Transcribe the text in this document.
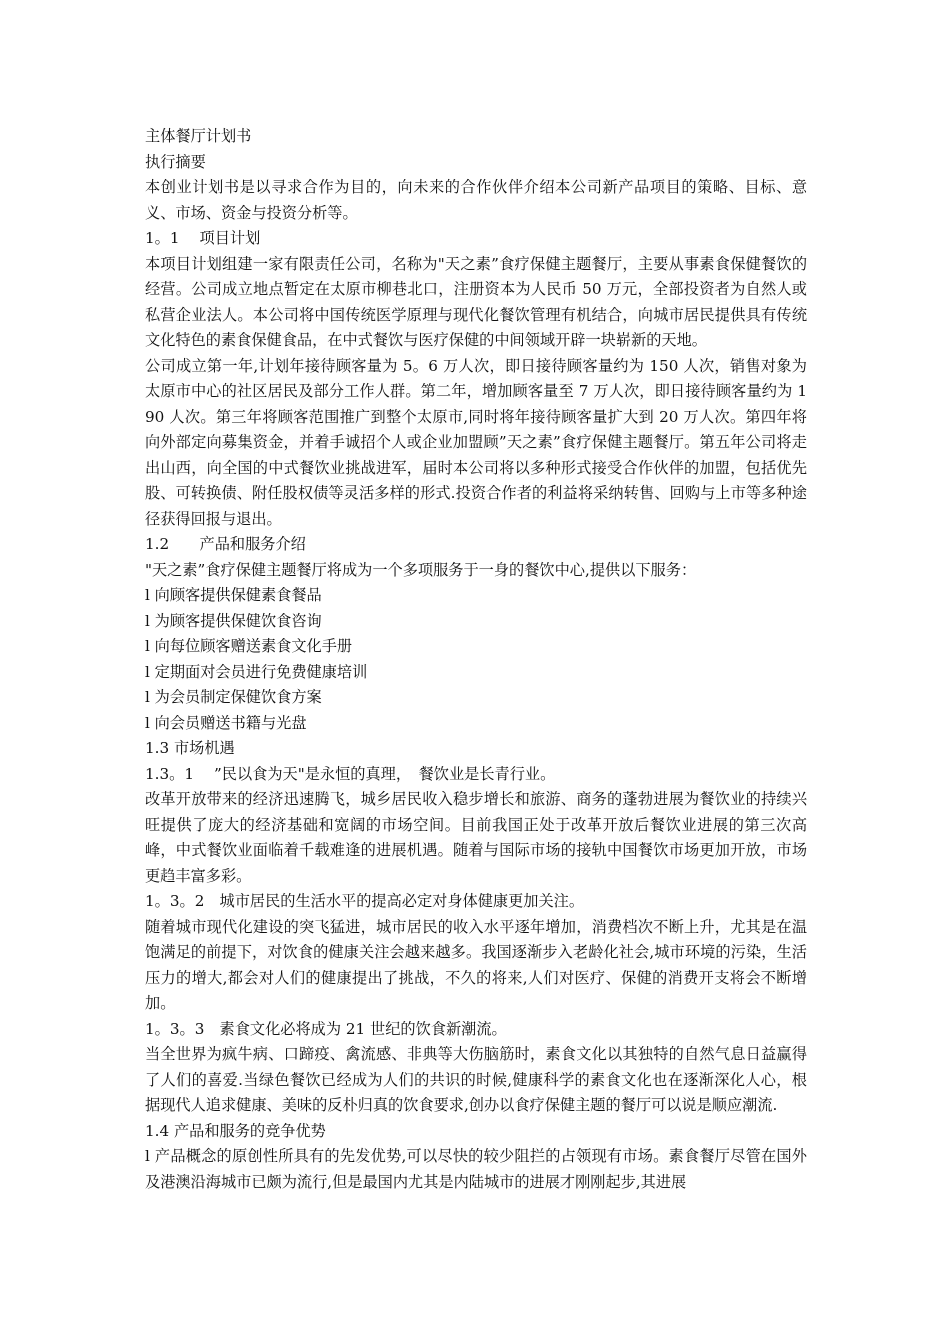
主体餐厅计划书
执行摘要

本创业计划书是以寻求合作为目的，向未来的合作伙伴介绍本公司新产品项目的策略、目标、意义、市场、资金与投资分析等。

1。1　 项目计划

本项目计划组建一家有限责任公司，名称为"天之素”食疗保健主题餐厅，主要从事素食保健餐饮的经营。公司成立地点暂定在太原市柳巷北口，注册资本为人民币 50 万元，全部投资者为自然人或私营企业法人。本公司将中国传统医学原理与现代化餐饮管理有机结合，向城市居民提供具有传统文化特色的素食保健食品，在中式餐饮与医疗保健的中间领域开辟一块崭新的天地。

公司成立第一年,计划年接待顾客量为 5。6 万人次，即日接待顾客量约为 150 人次，销售对象为太原市中心的社区居民及部分工作人群。第二年，增加顾客量至 7 万人次，即日接待顾客量约为 190 人次。第三年将顾客范围推广到整个太原市,同时将年接待顾客量扩大到 20 万人次。第四年将向外部定向募集资金，并着手诚招个人或企业加盟顾”天之素”食疗保健主题餐厅。第五年公司将走出山西，向全国的中式餐饮业挑战进军，届时本公司将以多种形式接受合作伙伴的加盟，包括优先股、可转换债、附任股权债等灵活多样的形式.投资合作者的利益将采纳转售、回购与上市等多种途径获得回报与退出。

1.2　　产品和服务介绍

"天之素”食疗保健主题餐厅将成为一个多项服务于一身的餐饮中心,提供以下服务：

l 向顾客提供保健素食餐品
l 为顾客提供保健饮食咨询
l 向每位顾客赠送素食文化手册
l 定期面对会员进行免费健康培训
l 为会员制定保健饮食方案
l 向会员赠送书籍与光盘
1.3 市场机遇
1.3。1　 ”民以食为天"是永恒的真理，　餐饮业是长青行业。

改革开放带来的经济迅速腾飞，城乡居民收入稳步增长和旅游、商务的蓬勃进展为餐饮业的持续兴旺提供了庞大的经济基础和宽阔的市场空间。目前我国正处于改革开放后餐饮业进展的第三次高峰，中式餐饮业面临着千载难逢的进展机遇。随着与国际市场的接轨中国餐饮市场更加开放，市场更趋丰富多彩。

1。3。2　城市居民的生活水平的提高必定对身体健康更加关注。

随着城市现代化建设的突飞猛进，城市居民的收入水平逐年增加，消费档次不断上升，尤其是在温饱满足的前提下，对饮食的健康关注会越来越多。我国逐渐步入老龄化社会,城市环境的污染，生活压力的增大,都会对人们的健康提出了挑战，不久的将来,人们对医疗、保健的消费开支将会不断增加。

1。3。3　素食文化必将成为 21 世纪的饮食新潮流。

当全世界为疯牛病、口蹄疫、禽流感、非典等大伤脑筋时，素食文化以其独特的自然气息日益赢得了人们的喜爱.当绿色餐饮已经成为人们的共识的时候,健康科学的素食文化也在逐渐深化人心，根据现代人追求健康、美味的反朴归真的饮食要求,创办以食疗保健主题的餐厅可以说是顺应潮流.

1.4 产品和服务的竞争优势

l 产品概念的原创性所具有的先发优势,可以尽快的较少阻拦的占领现有市场。素食餐厅尽管在国外及港澳沿海城市已颇为流行,但是最国内尤其是内陆城市的进展才刚刚起步,其进展
